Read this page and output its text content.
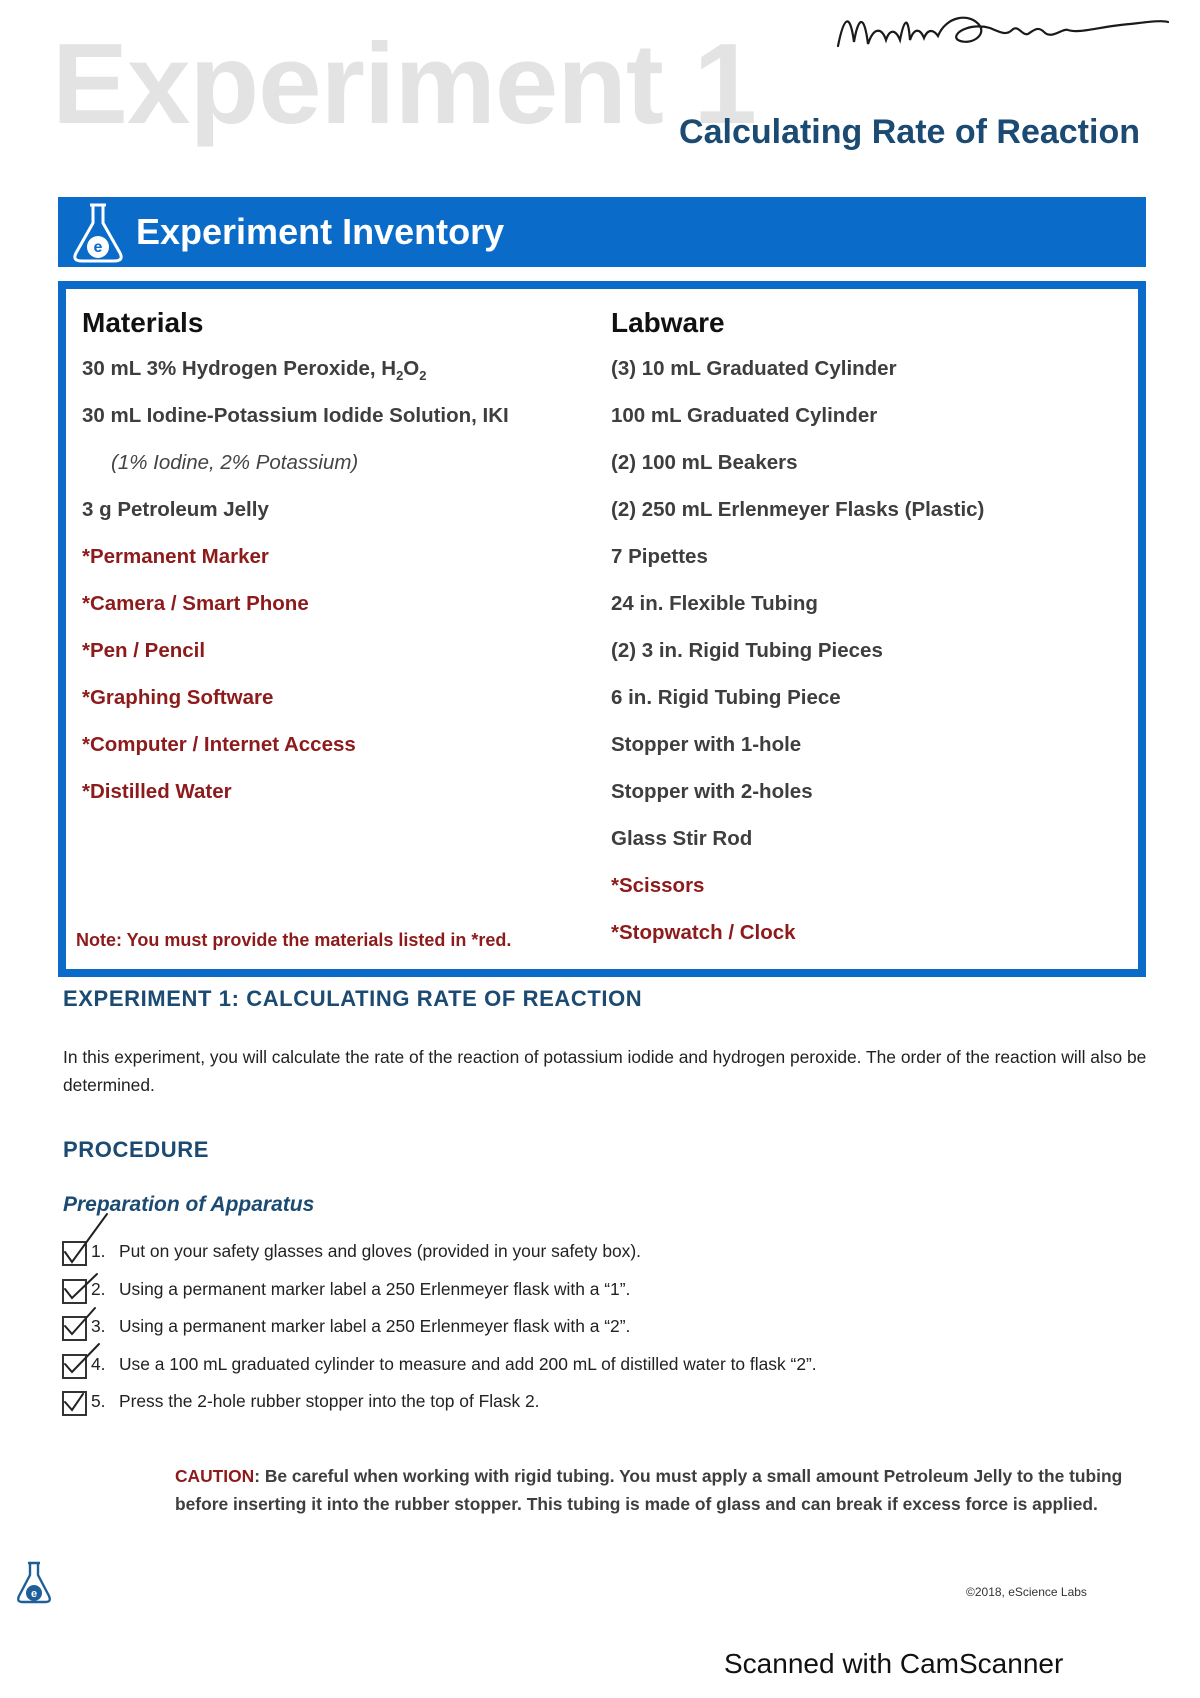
Experiment 1
Calculating Rate of Reaction
e Experiment Inventory
Materials
30 mL 3% Hydrogen Peroxide, $H_2O_2$
30 mL Iodine-Potassium Iodide Solution, IKI
(1% Iodine, 2% Potassium)
3 g Petroleum Jelly
*Permanent Marker
*Camera / Smart Phone
*Pen / Pencil
*Graphing Software
*Computer / Internet Access
*Distilled Water
Labware
(3) 10 mL Graduated Cylinder
100 mL Graduated Cylinder
(2) 100 mL Beakers
(2) 250 mL Erlenmeyer Flasks (Plastic)
7 Pipettes
24 in. Flexible Tubing
(2) 3 in. Rigid Tubing Pieces
6 in. Rigid Tubing Piece
Stopper with 1-hole
Stopper with 2-holes
Glass Stir Rod
*Scissors
*Stopwatch / Clock
Note: You must provide the materials listed in *red.
EXPERIMENT 1: CALCULATING RATE OF REACTION
In this experiment, you will calculate the rate of the reaction of potassium iodide and hydrogen peroxide. The order of the reaction will also be determined.
PROCEDURE
Preparation of Apparatus
1. Put on your safety glasses and gloves (provided in your safety box).
2. Using a permanent marker label a 250 Erlenmeyer flask with a “1”.
3. Using a permanent marker label a 250 Erlenmeyer flask with a “2”.
4. Use a 100 mL graduated cylinder to measure and add 200 mL of distilled water to flask “2”.
5. Press the 2-hole rubber stopper into the top of Flask 2.
CAUTION: Be careful when working with rigid tubing. You must apply a small amount Petroleum Jelly to the tubing before inserting it into the rubber stopper. This tubing is made of glass and can break if excess force is applied.
e	©2018, eScience Labs
Scanned with CamScanner
